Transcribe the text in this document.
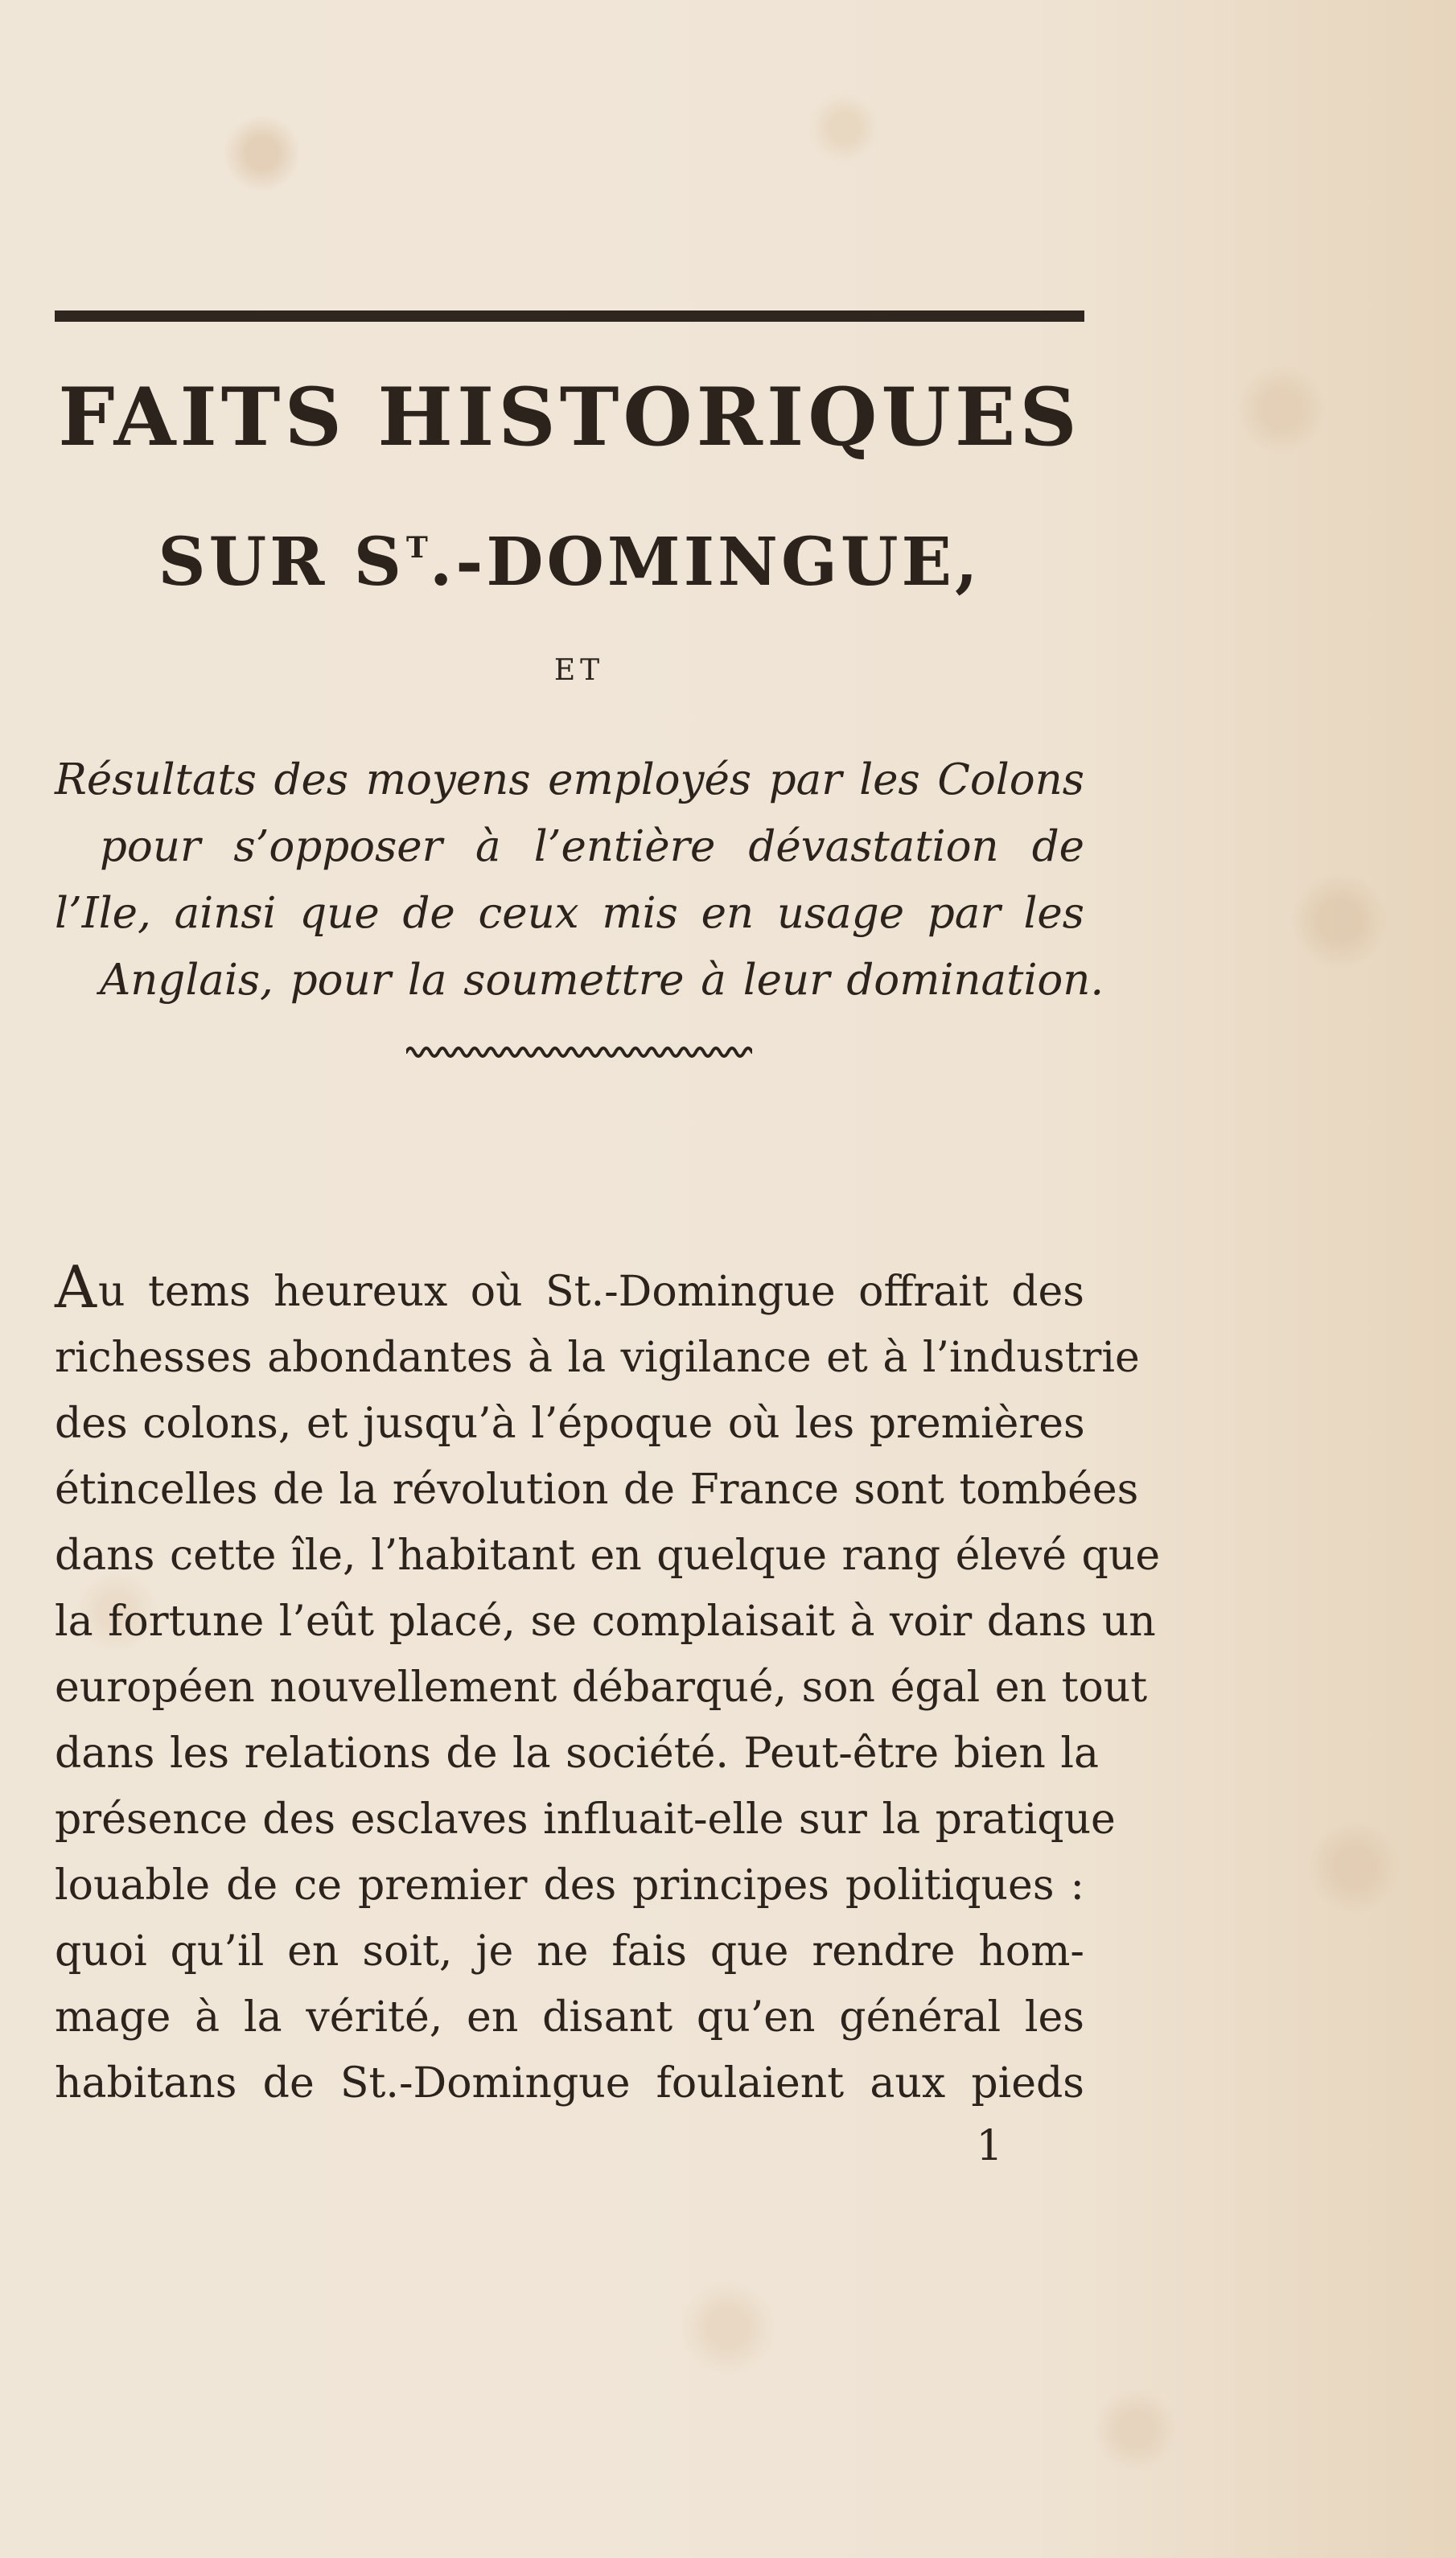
FAITS HISTORIQUES
SUR ST.-DOMINGUE,
ET
Résultats des moyens employés par les Colons
pour s’opposer à l’entière dévastation de
l’Ile, ainsi que de ceux mis en usage par les
Anglais, pour la soumettre à leur domination.
Au tems heureux où St.-Domingue offrait des
richesses abondantes à la vigilance et à l’industrie
des colons, et jusqu’à l’époque où les premières
étincelles de la révolution de France sont tombées
dans cette île, l’habitant en quelque rang élevé que
la fortune l’eût placé, se complaisait à voir dans un
européen nouvellement débarqué, son égal en tout
dans les relations de la société. Peut-être bien la
présence des esclaves influait-elle sur la pratique
louable de ce premier des principes politiques :
quoi qu’il en soit, je ne fais que rendre hom-
mage à la vérité, en disant qu’en général les
habitans de St.-Domingue foulaient aux pieds
1
